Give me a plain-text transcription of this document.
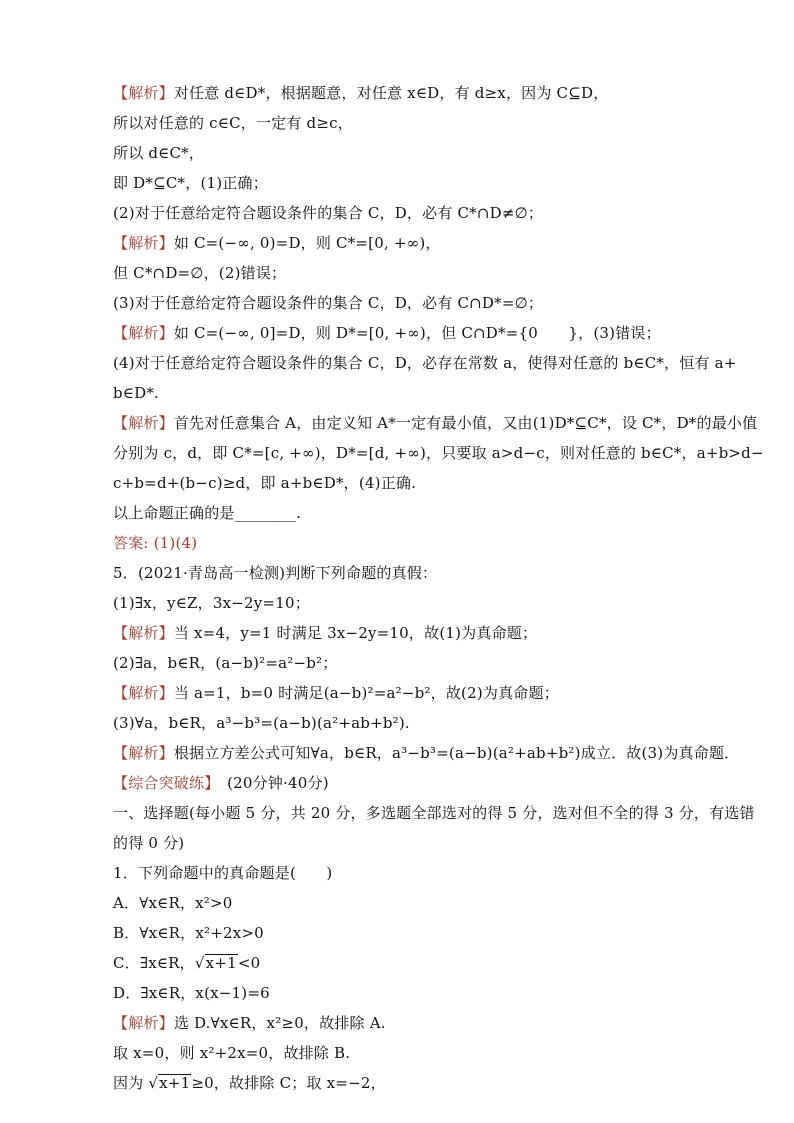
【解析】对任意 d∈D*，根据题意，对任意 x∈D，有 d≥x，因为 C⊆D，
所以对任意的 c∈C，一定有 d≥c，
所以 d∈C*，
即 D*⊆C*，(1)正确；
(2)对于任意给定符合题设条件的集合 C，D，必有 C*∩D≠∅；
【解析】如 C=(−∞, 0)=D，则 C*=[0, +∞)，
但 C*∩D=∅，(2)错误；
(3)对于任意给定符合题设条件的集合 C，D，必有 C∩D*=∅；
【解析】如 C=(−∞, 0]=D，则 D*=[0, +∞)，但 C∩D*={0　　}，(3)错误；
(4)对于任意给定符合题设条件的集合 C，D，必存在常数 a，使得对任意的 b∈C*，恒有 a+
b∈D*.
【解析】首先对任意集合 A，由定义知 A*一定有最小值，又由(1)D*⊆C*，设 C*，D*的最小值
分别为 c，d，即 C*=[c, +∞)，D*=[d, +∞)，只要取 a>d−c，则对任意的 b∈C*，a+b>d−
c+b=d+(b−c)≥d，即 a+b∈D*，(4)正确.
以上命题正确的是________.
答案: (1)(4)
5．(2021·青岛高一检测)判断下列命题的真假：
(1)∃x，y∈Z，3x−2y=10；
【解析】当 x=4，y=1 时满足 3x−2y=10，故(1)为真命题；
(2)∃a，b∈R，(a−b)²=a²−b²；
【解析】当 a=1，b=0 时满足(a−b)²=a²−b²，故(2)为真命题；
(3)∀a，b∈R，a³−b³=(a−b)(a²+ab+b²).
【解析】根据立方差公式可知∀a，b∈R，a³−b³=(a−b)(a²+ab+b²)成立．故(3)为真命题．
【综合突破练】　(20分钟·40分)
一、选择题(每小题 5 分，共 20 分，多选题全部选对的得 5 分，选对但不全的得 3 分，有选错
的得 0 分)
1．下列命题中的真命题是(　　)
A．∀x∈R，x²>0
B．∀x∈R，x²+2x>0
C．∃x∈R，√x+1<0
D．∃x∈R，x(x−1)=6
【解析】选 D.∀x∈R，x²≥0，故排除 A.
取 x=0，则 x²+2x=0，故排除 B.
因为 √x+1≥0，故排除 C；取 x=−2，
